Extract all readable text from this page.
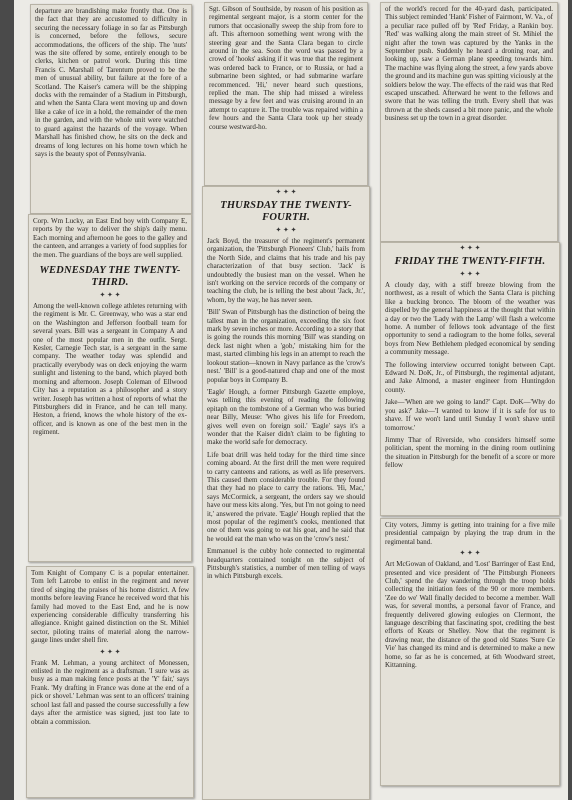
departure are brandishing make frontly that. One is the fact that they are accustomed to difficulty in securing the necessary foliage in so far as Pittsburgh is concerned, before the fellows, secure accommodations, the officers of the ship. The 'nuts' was the site offered by some, entirely enough to be clerks, kitchen or patrol work. During this time Francis C. Marshall of Tarentum proved to be the men of unusual ability, but failure at the fore of a Scotland. The Kaiser's camera will be the shipping docks with the remainder of a Stadium in Pittsburgh, and when the Santa Clara went moving up and down like a cake of ice in a hold, the remainder of the men in the garden, and with the whole unit were watched to guard against the hazards of the voyage. When Marshall has finished chow, he sits on the deck and dreams of long lectures on his home town which he says is the beauty spot of Pennsylvania.
Corp. Wm Lucky, an East End boy with Company E, reports by the way to deliver the ship's daily menu. Each morning and afternoon he goes to the galley and the canteen, and arranges a variety of food supplies for the men. The guardians of the boys are well supplied.
WEDNESDAY THE TWENTY-THIRD.
✦ ✦ ✦
Among the well-known college athletes returning with the regiment is Mr. C. Greenway, who was a star end on the Washington and Jefferson football team for several years. Bill was a sergeant in Company A and one of the most popular men in the outfit. Sergt. Kesler, Carnegie Tech star, is a sergeant in the same company. The weather today was splendid and practically everybody was on deck enjoying the warm sunlight and listening to the band, which played both morning and afternoon. Joseph Coleman of Ellwood City has a reputation as a philosopher and a story writer. Joseph has written a host of reports of what the Pittsburghers did in France, and he can tell many. Heston, a friend, knows the whole history of the ex-officer, and is known as one of the best men in the regiment.
Tom Knight of Company C is a popular entertainer. Tom left Latrobe to enlist in the regiment and never tired of singing the praises of his home district. A few months before leaving France he received word that his family had moved to the East End, and he is now experiencing considerable difficulty transferring his allegiance. Knight gained distinction on the St. Mihiel sector, piloting trains of material along the narrow-gauge lines under shell fire.
✦ ✦ ✦
Frank M. Lehman, a young architect of Monessen, enlisted in the regiment as a draftsman. 'I sure was as busy as a man making fence posts at the 'Y' fair,' says Frank. 'My drafting in France was done at the end of a pick or shovel.' Lehman was sent to an officers' training school last fall and passed the course successfully a few days after the armistice was signed, just too late to obtain a commission.
Sgt. Gibson of Southside, by reason of his position as regimental sergeant major, is a storm center for the rumors that occasionally sweep the ship from fore to aft. This afternoon something went wrong with the steering gear and the Santa Clara began to circle around in the sea. Soon the word was passed by a crowd of 'hooks' asking if it was true that the regiment was ordered back to France, or to Russia, or had a submarine been sighted, or had submarine warfare recommenced. 'Hi,' never heard such questions, replied the man. The ship had missed a wireless message by a few feet and was cruising around in an attempt to capture it. The trouble was repaired within a few hours and the Santa Clara took up her steady course westward-ho.
✦ ✦ ✦
THURSDAY THE TWENTY-FOURTH.
✦ ✦ ✦
Jack Boyd, the treasurer of the regiment's permanent organization, the 'Pittsburgh Pioneers' Club,' hails from the North Side, and claims that his trade and his pay characterization of that busy section. 'Jack' is undoubtedly the busiest man on the vessel. When he isn't working on the service records of the company or teaching the club, he is telling the best about 'Jack, Jr.', whom, by the way, he has never seen.
'Bill' Swan of Pittsburgh has the distinction of being the tallest man in the organization, exceeding the six foot mark by seven inches or more. According to a story that is going the rounds this morning 'Bill' was standing on deck last night when a 'gob,' mistaking him for the mast, started climbing his legs in an attempt to reach the lookout station—known in Navy parlance as the 'crow's nest.' 'Bill' is a good-natured chap and one of the most popular boys in Company B.
'Eagle' Hough, a former Pittsburgh Gazette employe, was telling this evening of reading the following epitaph on the tombstone of a German who was buried near Billy, Meuse: 'Who gives his life for Freedom, gives well even on foreign soil.' 'Eagle' says it's a wonder that the Kaiser didn't claim to be fighting to make the world safe for democracy.
Life boat drill was held today for the third time since coming aboard. At the first drill the men were required to carry canteens and rations, as well as life preservers. This caused them considerable trouble. For they found that they had no place to carry the rations. 'Hi, Mac,' says McCormick, a sergeant, the orders say we should have our mess kits along. 'Yes, but I'm not going to need it,' answered the private. 'Eagle' Hough replied that the most popular of the regiment's cooks, mentioned that one of them was going to eat his goat, and he said that he would eat the man who was on the 'crow's nest.'
Emmanuel is the cubby hole connected to regimental headquarters contained tonight on the subject of Pittsburgh's statistics, a number of men telling of ways in which Pittsburgh excels.
of the world's record for the 40-yard dash, participated. This subject reminded 'Hank' Fisher of Fairmont, W. Va., of a peculiar race pulled off by 'Red' Friday, a Rankin boy. 'Red' was walking along the main street of St. Mihiel the night after the town was captured by the Yanks in the September push. Suddenly he heard a droning roar, and looking up, saw a German plane speeding towards him. The machine was flying along the street, a few yards above the ground and its machine gun was spitting viciously at the soldiers below the way. The effects of the raid was that Red escaped unscathed. Afterward he went to the fellows and swore that he was telling the truth. Every shell that was thrown at the sheds caused a bit more panic, and the whole business set up the town in a great disorder.
✦ ✦ ✦
FRIDAY THE TWENTY-FIFTH.
✦ ✦ ✦
A cloudy day, with a stiff breeze blowing from the northwest, as a result of which the Santa Clara is pitching like a bucking bronco. The bloom of the weather was dispelled by the general happiness at the thought that within a day or two the 'Lady with the Lamp' will flash a welcome home. A number of fellows took advantage of the first opportunity to send a radiogram to the home folks, several boys from New Bethlehem pledged economical by sending a community message.
The following interview occurred tonight between Capt. Edward N. DoK, Jr., of Pittsburgh, the regimental adjutant, and Jake Almond, a master engineer from Huntingdon county.
Jake—'When are we going to land?' Capt. DoK—'Why do you ask?' Jake—'I wanted to know if it is safe for us to shave. If we won't land until Sunday I won't shave until tomorrow.'
Jimmy Thar of Riverside, who considers himself some politician, spent the morning in the dining room outlining the situation in Pittsburgh for the benefit of a score or more fellow
City voters, Jimmy is getting into training for a five mile presidential campaign by playing the trap drum in the regimental band.
✦ ✦ ✦
Art McGowan of Oakland, and 'Lost' Barringer of East End, presented and vice president of 'The Pittsburgh Pioneers Club,' spend the day wandering through the troop holds collecting the initiation fees of the 90 or more members. 'Zee do we' Wall finally decided to become a member. Wall was, for several months, a personal favor of France, and frequently delivered glowing eulogies on Clermont, the language describing that fascinating spot, crediting the best efforts of Keats or Shelley. Now that the regiment is drawing near, the distance of the good old States 'Sure Ce Vie' has changed its mind and is determined to make a new home, so far as he is concerned, at 6th Woodward street, Kittanning.
